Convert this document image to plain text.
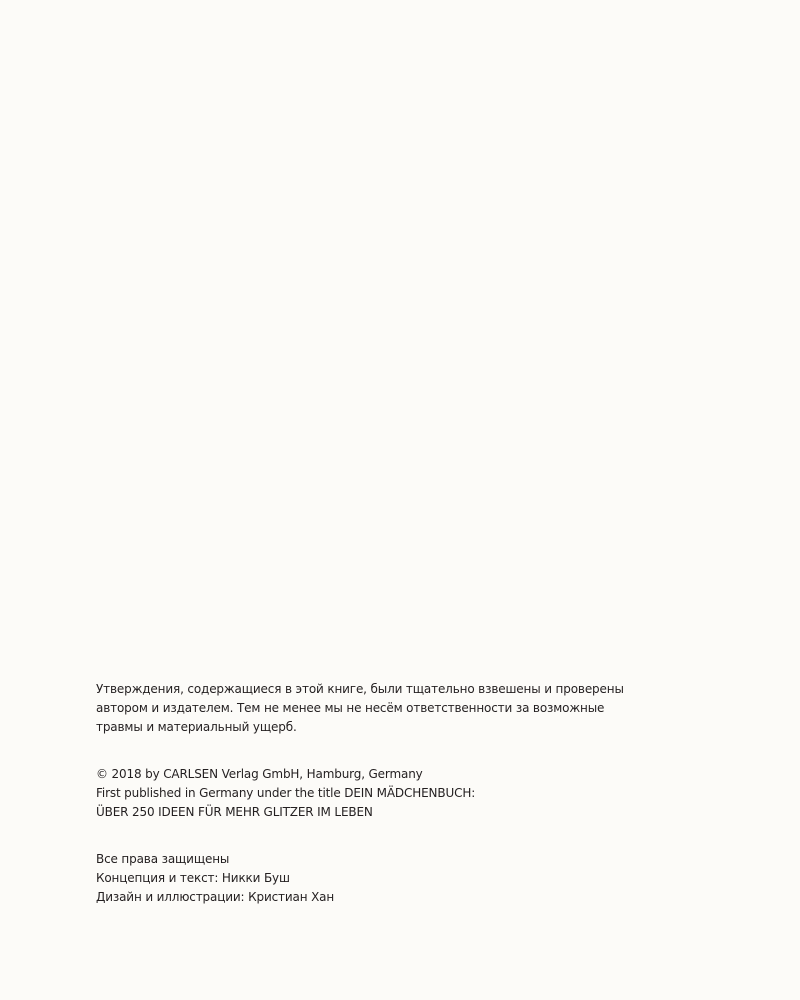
Утверждения, содержащиеся в этой книге, были тщательно взвешены и проверены

автором и издателем. Тем не менее мы не несём ответственности за возможные

травмы и материальный ущерб.

© 2018 by CARLSEN Verlag GmbH, Hamburg, Germany

First published in Germany under the title DEIN MÄDCHENBUCH:

ÜBER 250 IDEEN FÜR MEHR GLITZER IM LEBEN

Все права защищены

Концепция и текст: Никки Буш

Дизайн и иллюстрации: Кристиан Хан
